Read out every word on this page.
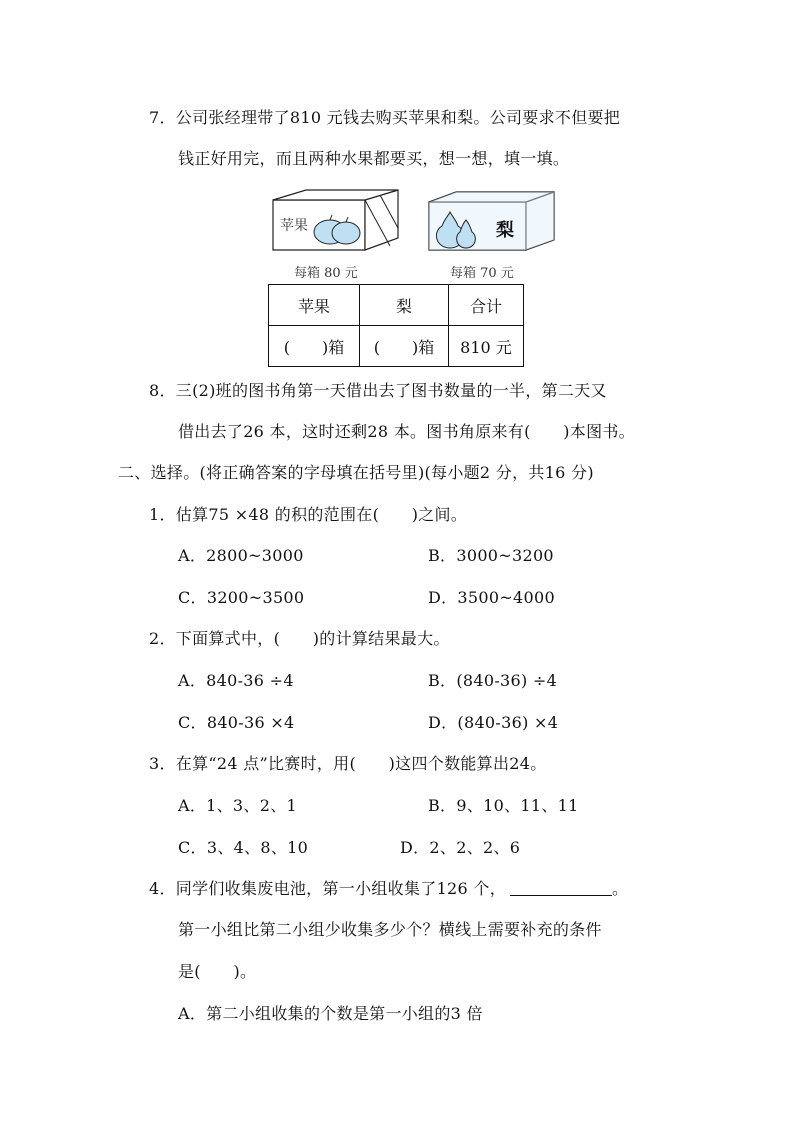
7．公司张经理带了810 元钱去购买苹果和梨。公司要求不但要把
钱正好用完，而且两种水果都要买，想一想，填一填。
苹果	梨
每箱 80 元	每箱 70 元
苹果	梨	合计
(　　)箱	(　　)箱	810 元
8．三(2)班的图书角第一天借出去了图书数量的一半，第二天又
借出去了26 本，这时还剩28 本。图书角原来有(　　)本图书。
二、选择。(将正确答案的字母填在括号里)(每小题2 分，共16 分)
1．估算75 ×48 的积的范围在(　　)之间。
A．2800~3000	B．3000~3200
C．3200~3500	D．3500~4000
2．下面算式中，(　　)的计算结果最大。
A．840-36 ÷4	B．(840-36) ÷4
C．840-36 ×4	D．(840-36) ×4
3．在算“24 点”比赛时，用(　　)这四个数能算出24。
A．1、3、2、1	B．9、10、11、11
C．3、4、8、10	D．2、2、2、6
4．同学们收集废电池，第一小组收集了126 个，	。
第一小组比第二小组少收集多少个？横线上需要补充的条件
是(　　)。
A．第二小组收集的个数是第一小组的3 倍
